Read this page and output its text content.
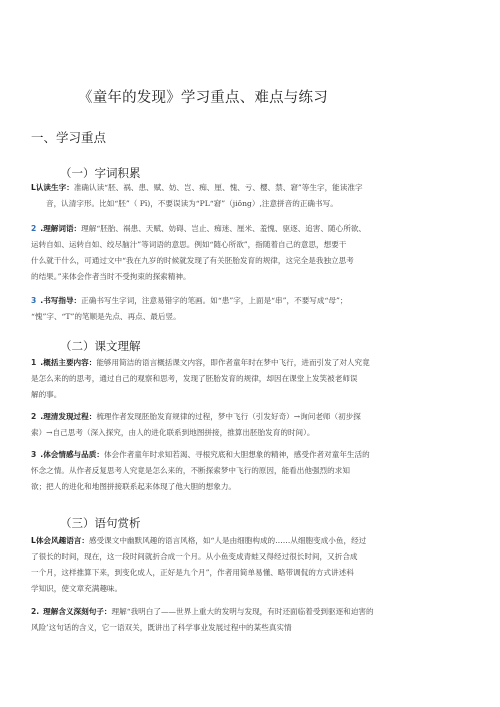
《童年的发现》学习重点、难点与练习
一、学习重点
（一）字词积累
L认读生字：准确认读“胚、祸、患、赋、妨、岂、痴、厘、愧、亏、樱、禁、窘”等生字，能读准字
音，认清字形。比如“胚”（ Pī)，不要误读为“PL“窘”（jiǒng）,注意拼音的正确书写。
2 .理解词语：理解“胚胎、祸患、天赋、妨碍、岂止、痴迷、厘米、羞愧、驱逐、追害、随心所欲、
运转自如、运转自如、绞尽脑汁”等词语的意思。例如“随心所欲”，指随着自己的意思，想要干
什么就干什么，可通过文中“我在九岁的时候就发现了有关胚胎发育的规律，这完全是我独立思考
的结果。”来体会作者当时不受拘束的探索精神。
3 .书写指导：正确书写生字词，注意易错字的笔画。如“患”字，上面是“串”，不要写成“母”；
“愧”字、“T”的笔顺是先点、再点、最后竖。
（二）课文理解
1 .概括主要内容：能够用简洁的语言概括课文内容，即作者童年时在梦中飞行，进而引发了对人究竟
是怎么来的的思考，通过自己的观察和思考，发现了胚胎发育的规律，却因在课堂上发笑被老师误
解的事。
2 .理清发现过程：梳理作者发现胚胎发育规律的过程，梦中飞行（引发好奇）→询问老师（初步探
索）→自己思考（深入探究，由人的进化联系到地图拼接，推算出胚胎发育的时间）。
3 .体会情感与品质：体会作者童年时求知若渴、寻根究底和大胆想象的精神，感受作者对童年生活的
怀念之情。从作者反复思考人究竟是怎么来的，不断探索梦中飞行的原因，能看出他强烈的求知
欲；把人的进化和地图拼接联系起来体现了他大胆的想象力。
（三）语句赏析
L体会风趣语言：感受课文中幽默风趣的语言风格，如“人是由细胞构成的……从细胞变成小鱼，经过
了很长的时间，现在，这一段时间就折合成一个月。从小鱼变成青蛙又得经过很长时间，又折合成
一个月，这样推算下来，到变化成人，正好是九个月”，作者用简单易懂、略带调侃的方式讲述科
学知识，使文章充满趣味。
2. 理解含义深刻句子：理解“我明白了——世界上重大的发明与发现，有时还面临着受到驱逐和迫害的
风险’这句话的含义，它一语双关，既讲出了科学事业发展过程中的某些真实情
